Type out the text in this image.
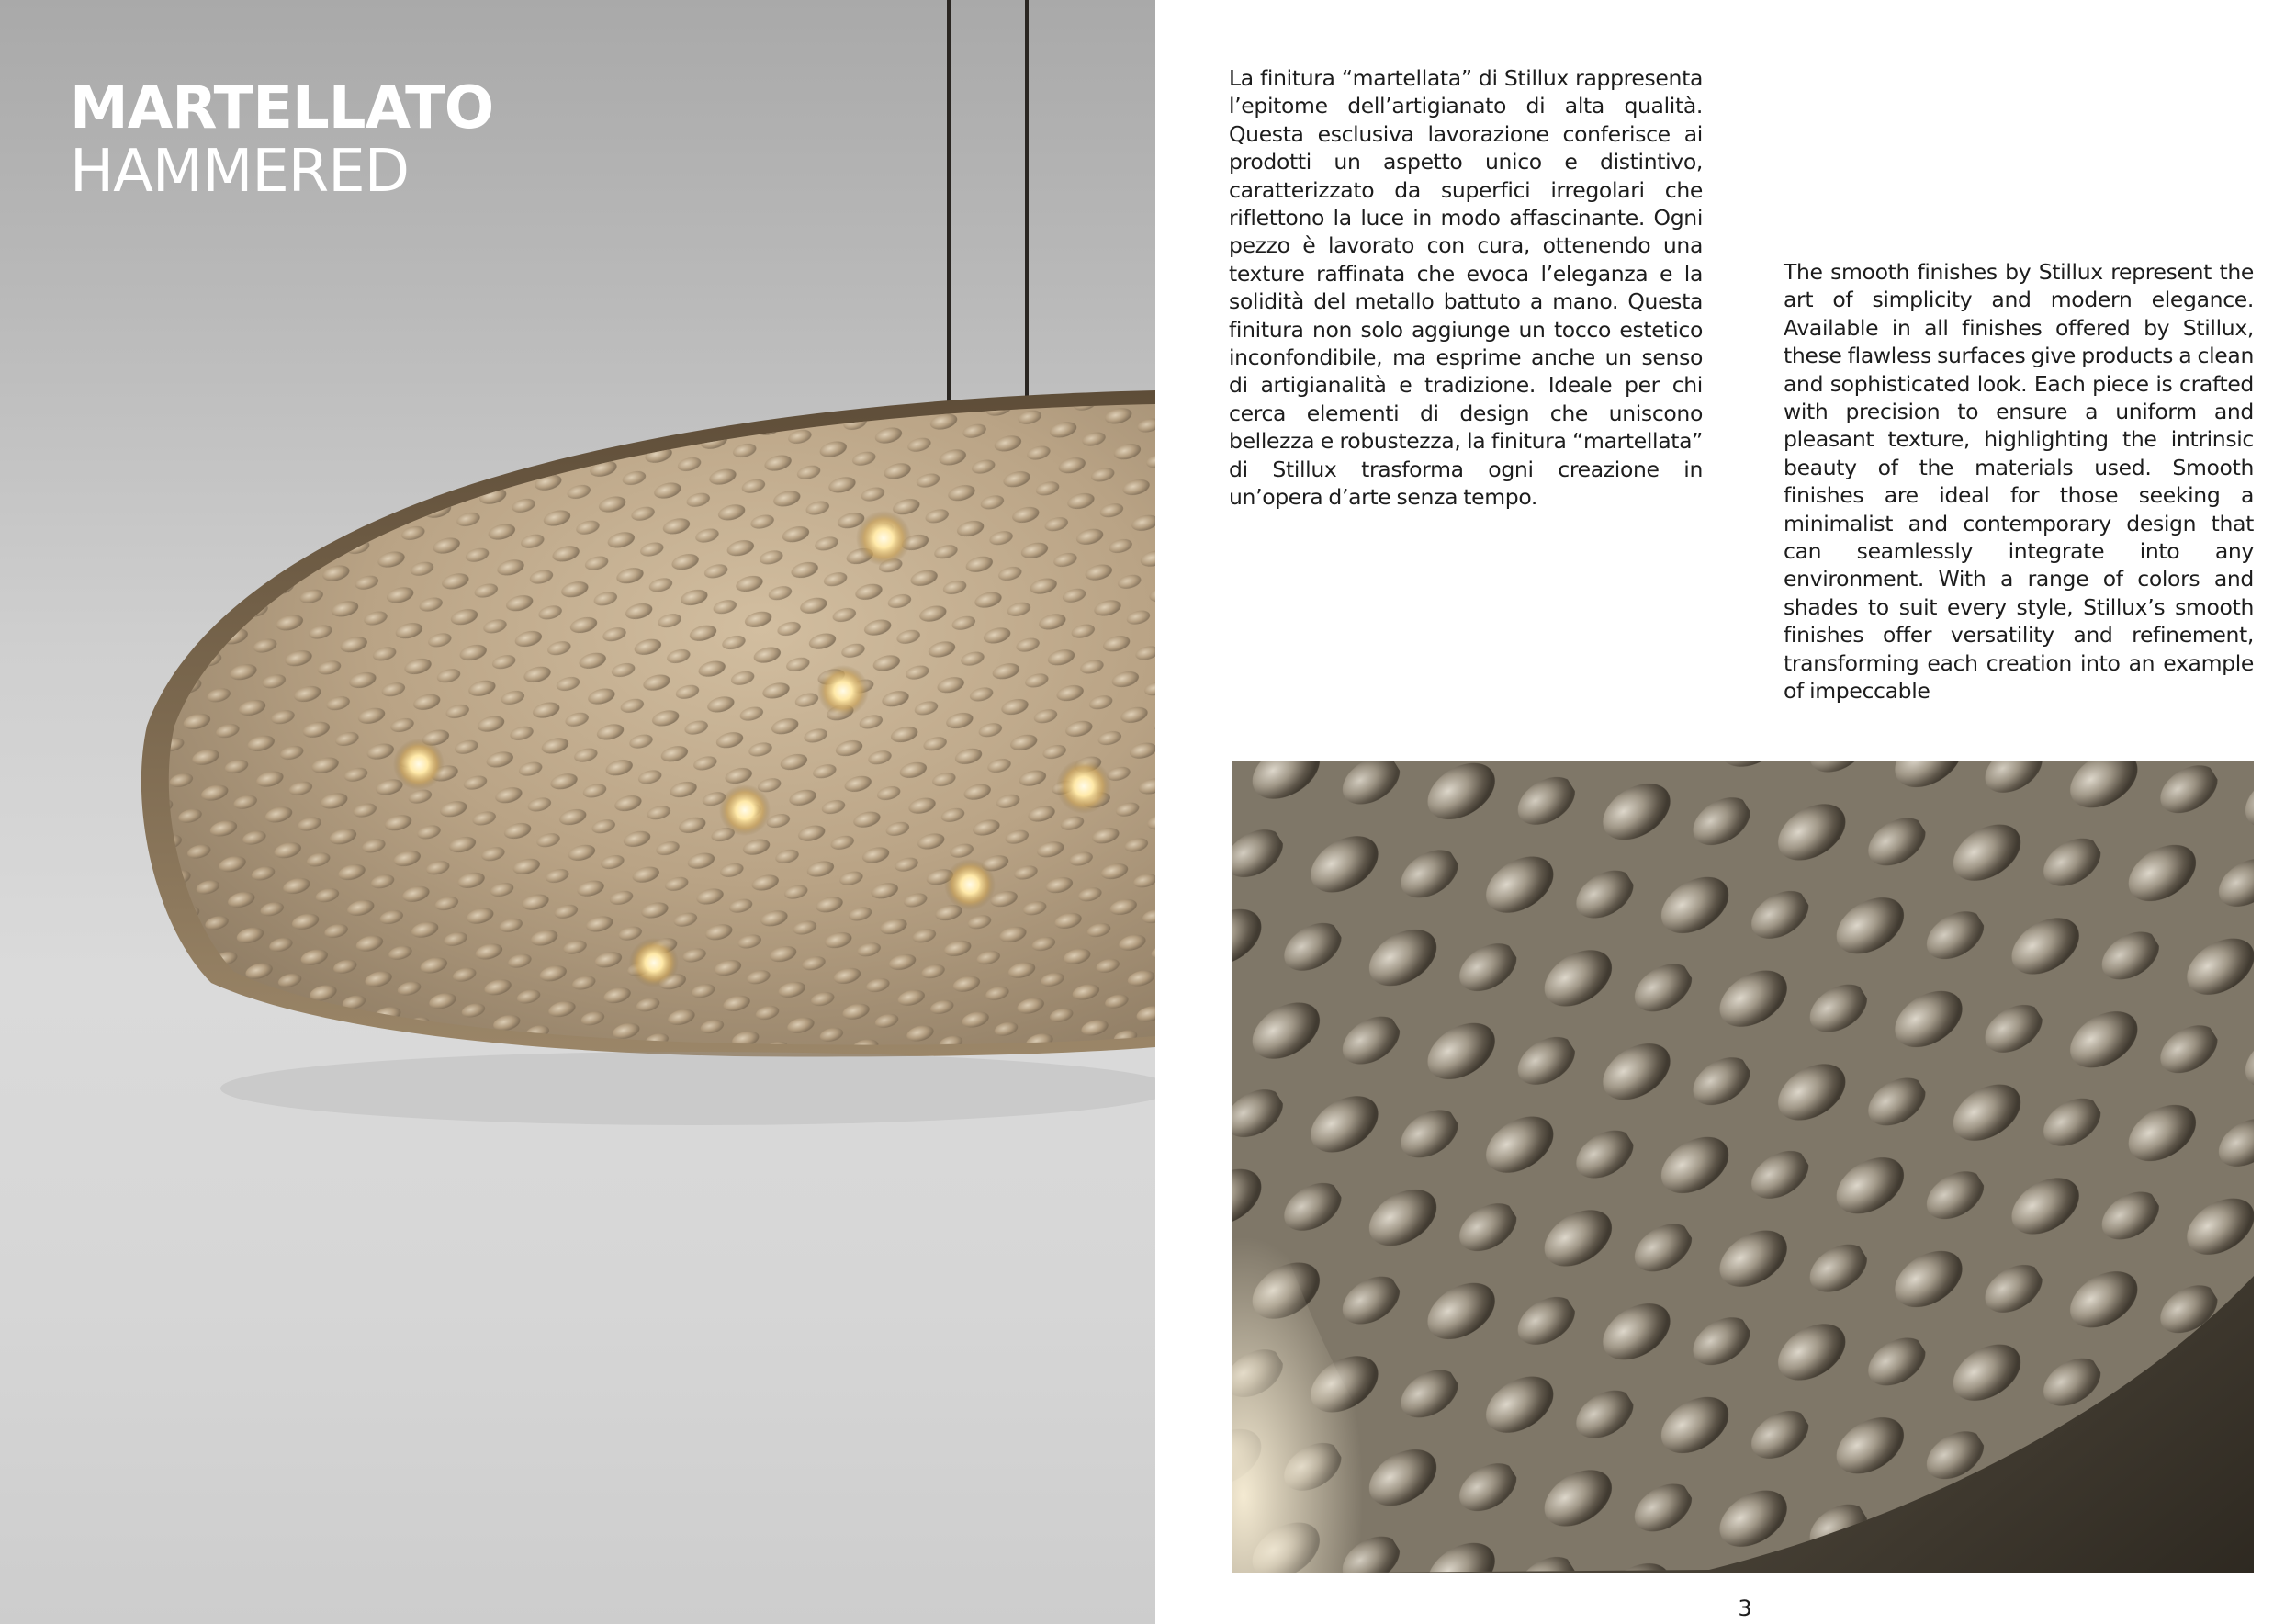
MARTELLATO
HAMMERED
La finitura “martellata” di Stillux rappresenta l’epitome dell’artigianato di alta qualità. Questa esclusiva lavorazione conferisce ai prodotti un aspetto unico e distintivo, caratterizzato da superfici irregolari che riflettono la luce in modo affascinante. Ogni pezzo è lavorato con cura, ottenendo una texture raffinata che evoca l’eleganza e la solidità del metallo battuto a mano. Questa finitura non solo aggiunge un tocco estetico inconfondibile, ma esprime anche un senso di artigianalità e tradizione. Ideale per chi cerca elementi di design che uniscono bellezza e robustezza, la finitura “martellata” di Stillux trasforma ogni creazione in un’opera d’arte senza tempo.
The smooth finishes by Stillux represent the art of simplicity and modern elegance. Available in all finishes offered by Stillux, these flawless surfaces give products a clean and sophisticated look. Each piece is crafted with precision to ensure a uniform and pleasant texture, highlighting the intrinsic beauty of the materials used. Smooth finishes are ideal for those seeking a minimalist and contemporary design that can seamlessly integrate into any environment. With a range of colors and shades to suit every style, Stillux’s smooth finishes offer versatility and refinement, transforming each creation into an example of impeccable
3
